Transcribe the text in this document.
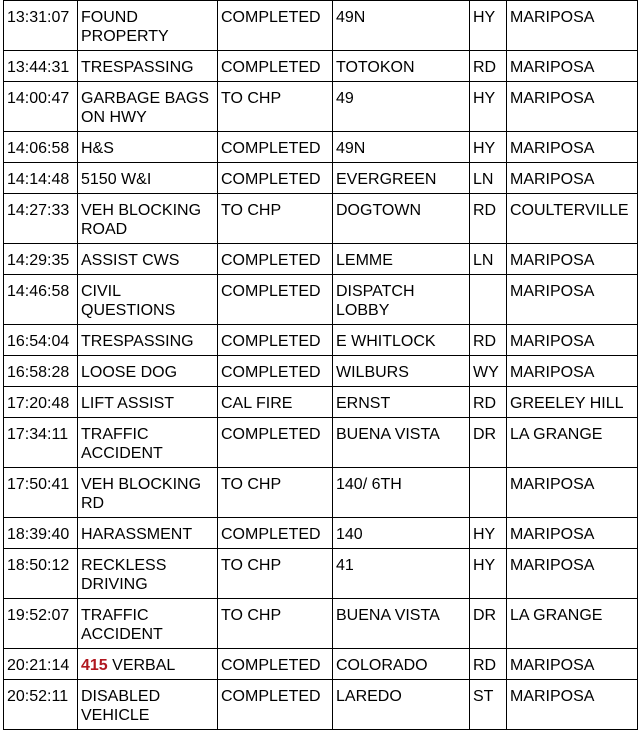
13:31:07	FOUND PROPERTY	COMPLETED	49N	HY	MARIPOSA
13:44:31	TRESPASSING	COMPLETED	TOTOKON	RD	MARIPOSA
14:00:47	GARBAGE BAGS ON HWY	TO CHP	49	HY	MARIPOSA
14:06:58	H&S	COMPLETED	49N	HY	MARIPOSA
14:14:48	5150 W&I	COMPLETED	EVERGREEN	LN	MARIPOSA
14:27:33	VEH BLOCKING ROAD	TO CHP	DOGTOWN	RD	COULTERVILLE
14:29:35	ASSIST CWS	COMPLETED	LEMME	LN	MARIPOSA
14:46:58	CIVIL QUESTIONS	COMPLETED	DISPATCH LOBBY		MARIPOSA
16:54:04	TRESPASSING	COMPLETED	E WHITLOCK	RD	MARIPOSA
16:58:28	LOOSE DOG	COMPLETED	WILBURS	WY	MARIPOSA
17:20:48	LIFT ASSIST	CAL FIRE	ERNST	RD	GREELEY HILL
17:34:11	TRAFFIC ACCIDENT	COMPLETED	BUENA VISTA	DR	LA GRANGE
17:50:41	VEH BLOCKING RD	TO CHP	140/ 6TH		MARIPOSA
18:39:40	HARASSMENT	COMPLETED	140	HY	MARIPOSA
18:50:12	RECKLESS DRIVING	TO CHP	41	HY	MARIPOSA
19:52:07	TRAFFIC ACCIDENT	TO CHP	BUENA VISTA	DR	LA GRANGE
20:21:14	415 VERBAL	COMPLETED	COLORADO	RD	MARIPOSA
20:52:11	DISABLED VEHICLE	COMPLETED	LAREDO	ST	MARIPOSA
